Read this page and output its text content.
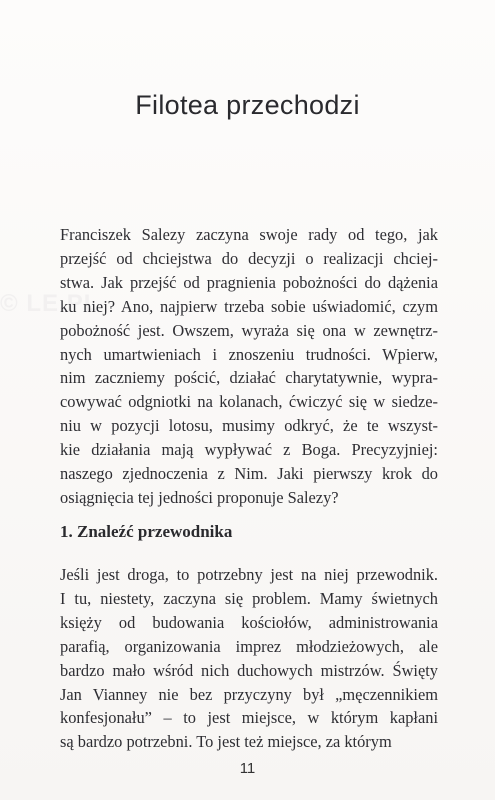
© LE.PL
Filotea przechodzi
Franciszek Salezy zaczyna swoje rady od tego, jak
przejść od chciejstwa do decyzji o realizacji chciej-
stwa. Jak przejść od pragnienia pobożności do dążenia
ku niej? Ano, najpierw trzeba sobie uświadomić, czym
pobożność jest. Owszem, wyraża się ona w zewnętrz-
nych umartwieniach i znoszeniu trudności. Wpierw,
nim zaczniemy pościć, działać charytatywnie, wypra-
cowywać odgniotki na kolanach, ćwiczyć się w siedze-
niu w pozycji lotosu, musimy odkryć, że te wszyst-
kie działania mają wypływać z Boga. Precyzyjniej:
naszego zjednoczenia z Nim. Jaki pierwszy krok do
osiągnięcia tej jedności proponuje Salezy?
1. Znaleźć przewodnika
Jeśli jest droga, to potrzebny jest na niej przewodnik.
I tu, niestety, zaczyna się problem. Mamy świetnych
księży od budowania kościołów, administrowania
parafią, organizowania imprez młodzieżowych, ale
bardzo mało wśród nich duchowych mistrzów. Święty
Jan Vianney nie bez przyczyny był „męczennikiem
konfesjonału” – to jest miejsce, w którym kapłani
są bardzo potrzebni. To jest też miejsce, za którym
11
